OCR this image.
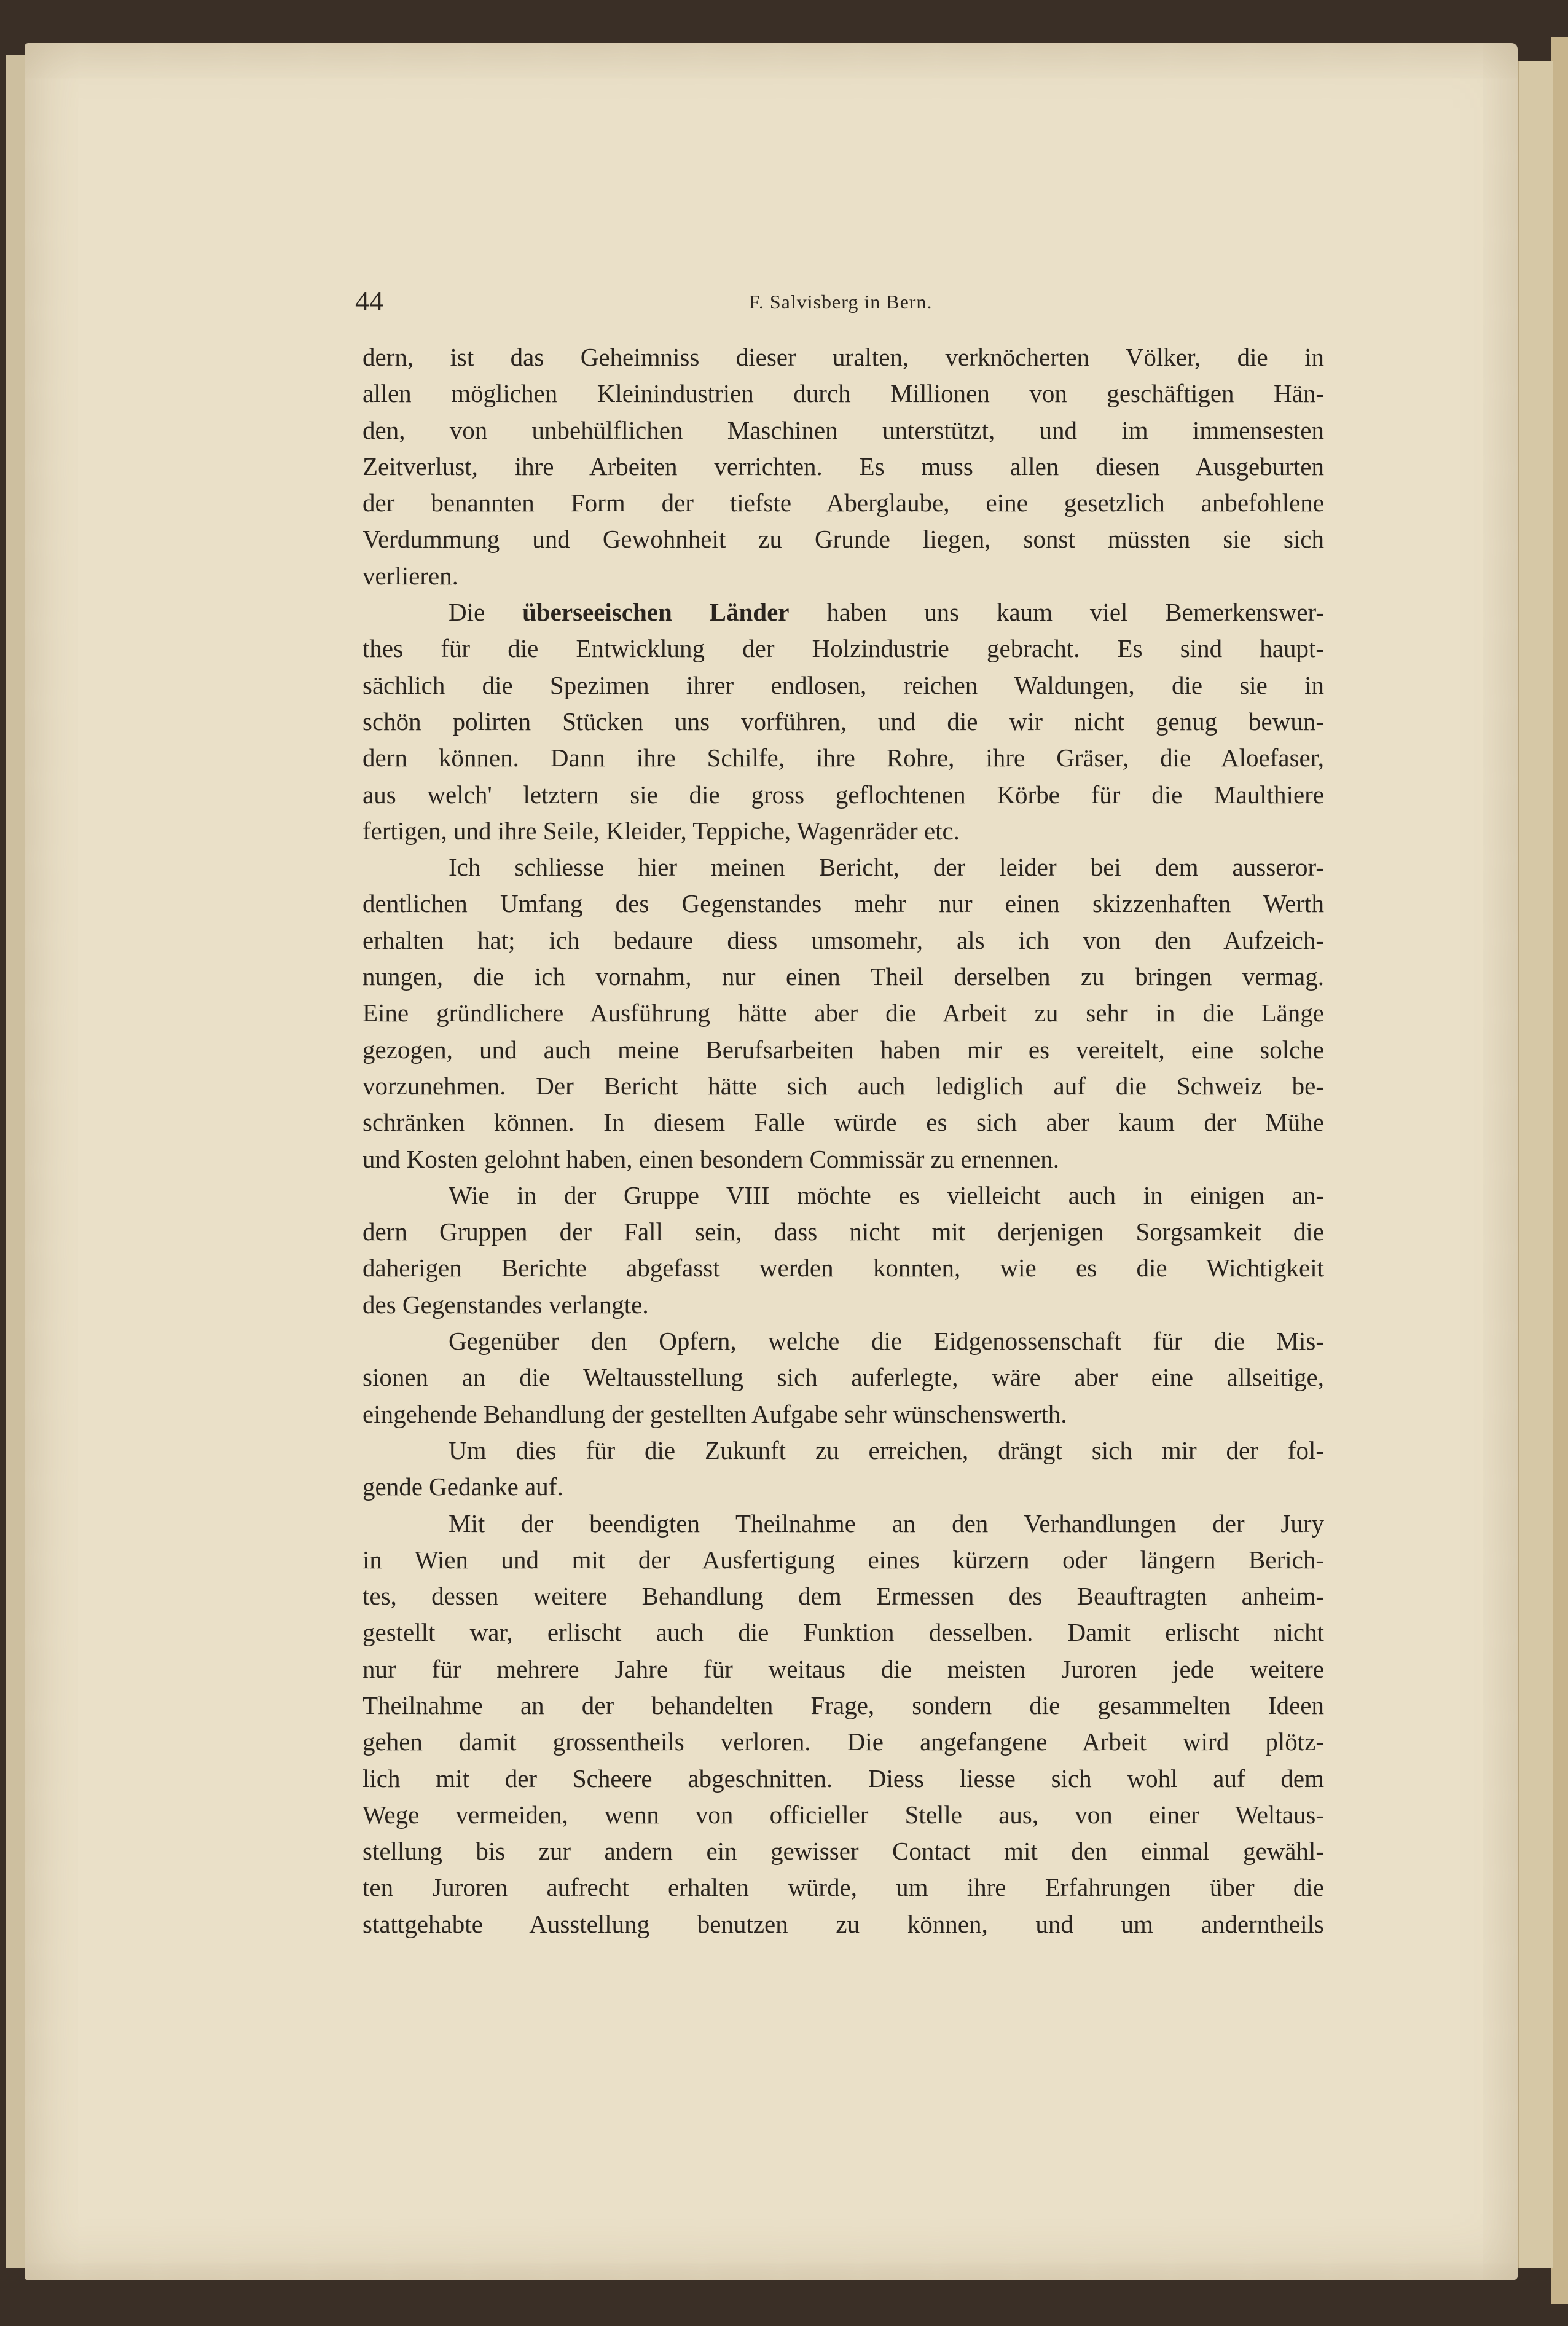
44	F. Salvisberg in Bern.
dern, ist das Geheimniss dieser uralten, verknöcherten Völker, die in
allen möglichen Kleinindustrien durch Millionen von geschäftigen Hän-
den, von unbehülflichen Maschinen unterstützt, und im immensesten
Zeitverlust, ihre Arbeiten verrichten. Es muss allen diesen Ausgeburten
der benannten Form der tiefste Aberglaube, eine gesetzlich anbefohlene
Verdummung und Gewohnheit zu Grunde liegen, sonst müssten sie sich
verlieren.
Die überseeischen Länder haben uns kaum viel Bemerkenswer-
thes für die Entwicklung der Holzindustrie gebracht. Es sind haupt-
sächlich die Spezimen ihrer endlosen, reichen Waldungen, die sie in
schön polirten Stücken uns vorführen, und die wir nicht genug bewun-
dern können. Dann ihre Schilfe, ihre Rohre, ihre Gräser, die Aloefaser,
aus welch' letztern sie die gross geflochtenen Körbe für die Maulthiere
fertigen, und ihre Seile, Kleider, Teppiche, Wagenräder etc.
Ich schliesse hier meinen Bericht, der leider bei dem ausseror-
dentlichen Umfang des Gegenstandes mehr nur einen skizzenhaften Werth
erhalten hat; ich bedaure diess umsomehr, als ich von den Aufzeich-
nungen, die ich vornahm, nur einen Theil derselben zu bringen vermag.
Eine gründlichere Ausführung hätte aber die Arbeit zu sehr in die Länge
gezogen, und auch meine Berufsarbeiten haben mir es vereitelt, eine solche
vorzunehmen. Der Bericht hätte sich auch lediglich auf die Schweiz be-
schränken können. In diesem Falle würde es sich aber kaum der Mühe
und Kosten gelohnt haben, einen besondern Commissär zu ernennen.
Wie in der Gruppe VIII möchte es vielleicht auch in einigen an-
dern Gruppen der Fall sein, dass nicht mit derjenigen Sorgsamkeit die
daherigen Berichte abgefasst werden konnten, wie es die Wichtigkeit
des Gegenstandes verlangte.
Gegenüber den Opfern, welche die Eidgenossenschaft für die Mis-
sionen an die Weltausstellung sich auferlegte, wäre aber eine allseitige,
eingehende Behandlung der gestellten Aufgabe sehr wünschenswerth.
Um dies für die Zukunft zu erreichen, drängt sich mir der fol-
gende Gedanke auf.
Mit der beendigten Theilnahme an den Verhandlungen der Jury
in Wien und mit der Ausfertigung eines kürzern oder längern Berich-
tes, dessen weitere Behandlung dem Ermessen des Beauftragten anheim-
gestellt war, erlischt auch die Funktion desselben. Damit erlischt nicht
nur für mehrere Jahre für weitaus die meisten Juroren jede weitere
Theilnahme an der behandelten Frage, sondern die gesammelten Ideen
gehen damit grossentheils verloren. Die angefangene Arbeit wird plötz-
lich mit der Scheere abgeschnitten. Diess liesse sich wohl auf dem
Wege vermeiden, wenn von officieller Stelle aus, von einer Weltaus-
stellung bis zur andern ein gewisser Contact mit den einmal gewähl-
ten Juroren aufrecht erhalten würde, um ihre Erfahrungen über die
stattgehabte Ausstellung benutzen zu können, und um anderntheils
